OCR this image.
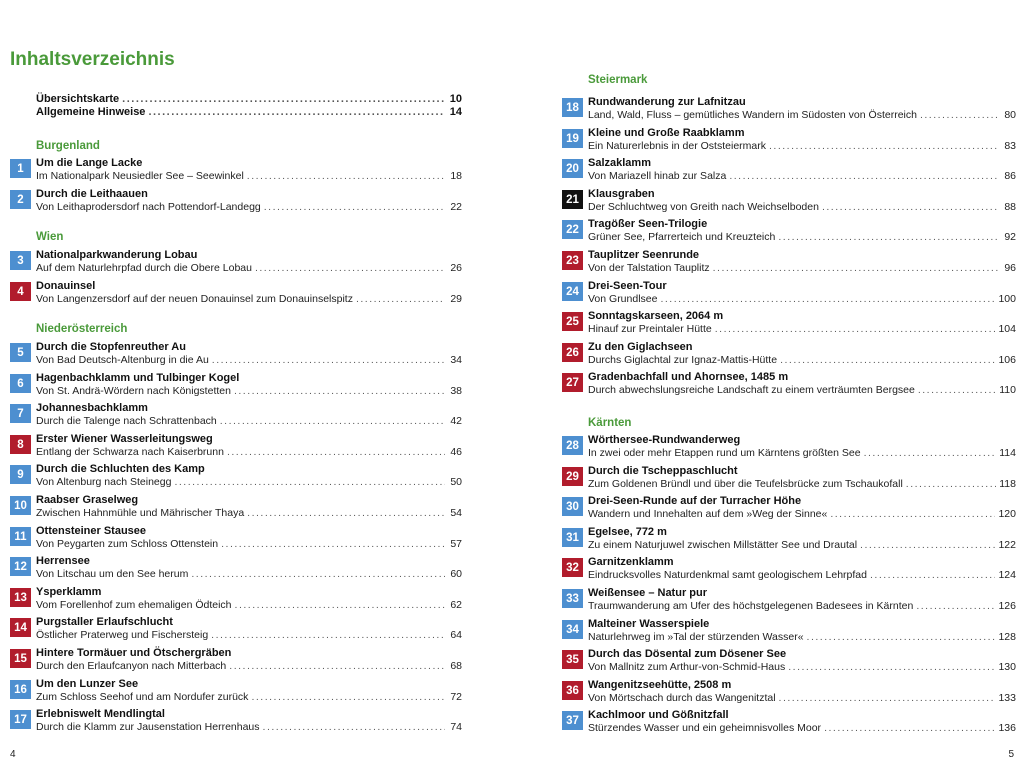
Inhaltsverzeichnis
Übersichtskarte .....	10
Allgemeine Hinweise .....	14
Burgenland
1	Um die Lange Lacke
Im Nationalpark Neusiedler See – Seewinkel .....	18
2	Durch die Leithaauen
Von Leithaprodersdorf nach Pottendorf-Landegg .....	22
Wien
3	Nationalparkwanderung Lobau
Auf dem Naturlehrpfad durch die Obere Lobau .....	26
4	Donauinsel
Von Langenzersdorf auf der neuen Donauinsel zum Donauinselspitz .....	29
Niederösterreich
5	Durch die Stopfenreuther Au
Von Bad Deutsch-Altenburg in die Au .....	34
6	Hagenbachklamm und Tulbinger Kogel
Von St. Andrä-Wördern nach Königstetten .....	38
7	Johannesbachklamm
Durch die Talenge nach Schrattenbach .....	42
8	Erster Wiener Wasserleitungsweg
Entlang der Schwarza nach Kaiserbrunn .....	46
9	Durch die Schluchten des Kamp
Von Altenburg nach Steinegg .....	50
10 Raabser Graselweg
Zwischen Hahnmühle und Mährischer Thaya .....	54
11 Ottensteiner Stausee
Von Peygarten zum Schloss Ottenstein .....	57
12 Herrensee
Von Litschau um den See herum .....	60
13 Ysperklamm
Vom Forellenhof zum ehemaligen Ödteich .....	62
14 Purgstaller Erlaufschlucht
Östlicher Praterweg und Fischersteig .....	64
15 Hintere Tormäuer und Ötschergräben
Durch den Erlaufcanyon nach Mitterbach .....	68
16 Um den Lunzer See
Zum Schloss Seehof und am Nordufer zurück .....	72
17 Erlebniswelt Mendlingtal
Durch die Klamm zur Jausenstation Herrenhaus .....	74
4	5
Steiermark
18 Rundwanderung zur Lafnitzau
Land, Wald, Fluss – gemütliches Wandern im Südosten von Österreich .....	80
19 Kleine und Große Raabklamm
Ein Naturerlebnis in der Oststeiermark .....	83
20 Salzaklamm
Von Mariazell hinab zur Salza .....	86
21 Klausgraben
Der Schluchtweg von Greith nach Weichselboden .....	88
22 Tragößer Seen-Trilogie
Grüner See, Pfarrerteich und Kreuzteich .....	92
23 Tauplitzer Seenrunde
Von der Talstation Tauplitz .....	96
24 Drei-Seen-Tour
Von Grundlsee .....	100
25 Sonntagskarseen, 2064 m
Hinauf zur Preintaler Hütte .....	104
26 Zu den Giglachseen
Durchs Giglachtal zur Ignaz-Mattis-Hütte .....	106
27 Gradenbachfall und Ahornsee, 1485 m
Durch abwechslungsreiche Landschaft zu einem verträumten Bergsee .....	110
Kärnten
28 Wörthersee-Rundwanderweg
In zwei oder mehr Etappen rund um Kärntens größten See .....	114
29 Durch die Tscheppaschlucht
Zum Goldenen Bründl und über die Teufelsbrücke zum Tschaukofall .....	118
30 Drei-Seen-Runde auf der Turracher Höhe
Wandern und Innehalten auf dem »Weg der Sinne« .....	120
31 Egelsee, 772 m
Zu einem Naturjuwel zwischen Millstätter See und Drautal .....	122
32 Garnitzenklamm
Eindrucksvolles Naturdenkmal samt geologischem Lehrpfad .....	124
33 Weißensee – Natur pur
Traumwanderung am Ufer des höchstgelegenen Badesees in Kärnten .....	126
34 Malteiner Wasserspiele
Naturlehrweg im »Tal der stürzenden Wasser« .....	128
35 Durch das Dösental zum Dösener See
Von Mallnitz zum Arthur-von-Schmid-Haus .....	130
36 Wangenitzseehütte, 2508 m
Von Mörtschach durch das Wangenitztal .....	133
37 Kachlmoor und Gößnitzfall
Stürzendes Wasser und ein geheimnisvolles Moor .....	136
